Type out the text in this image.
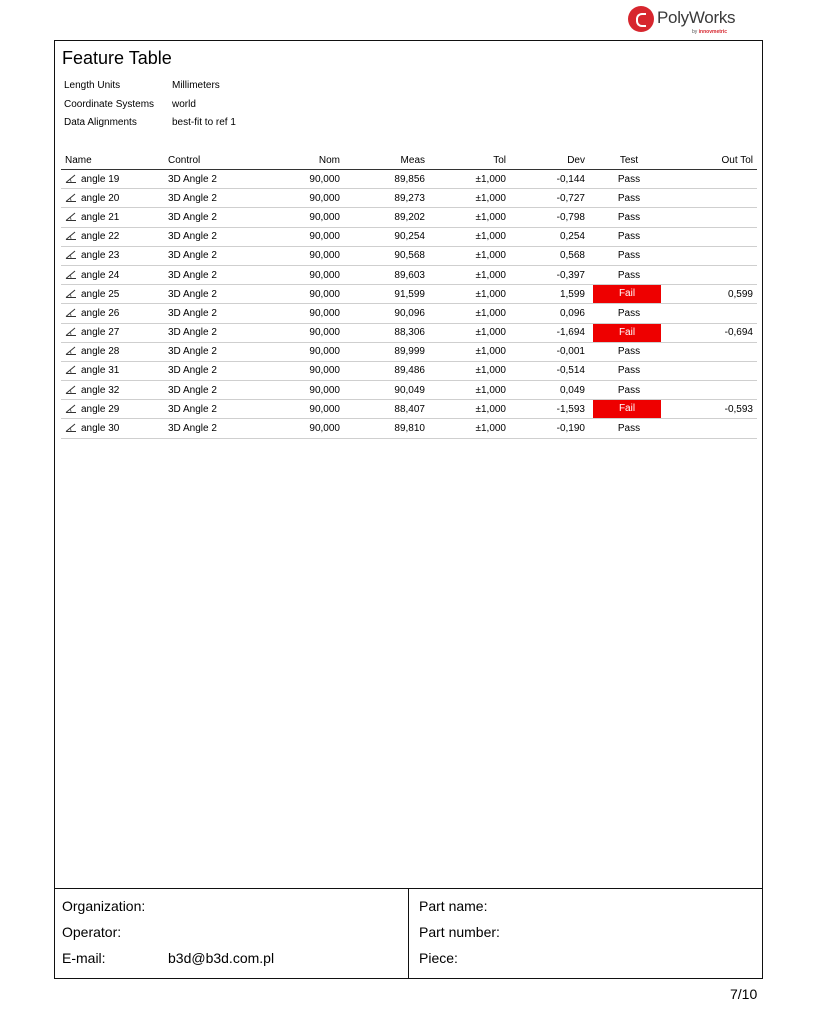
PolyWorks
by innovmetric
Feature Table
Length Units	Millimeters
Coordinate Systems	world
Data Alignments	best-fit to ref 1
Name	Control	Nom	Meas	Tol	Dev	Test	Out Tol
angle 19	3D Angle 2	90,000	89,856	±1,000	-0,144	Pass	
angle 20	3D Angle 2	90,000	89,273	±1,000	-0,727	Pass	
angle 21	3D Angle 2	90,000	89,202	±1,000	-0,798	Pass	
angle 22	3D Angle 2	90,000	90,254	±1,000	0,254	Pass	
angle 23	3D Angle 2	90,000	90,568	±1,000	0,568	Pass	
angle 24	3D Angle 2	90,000	89,603	±1,000	-0,397	Pass	
angle 25	3D Angle 2	90,000	91,599	±1,000	1,599	Fail	0,599
angle 26	3D Angle 2	90,000	90,096	±1,000	0,096	Pass	
angle 27	3D Angle 2	90,000	88,306	±1,000	-1,694	Fail	-0,694
angle 28	3D Angle 2	90,000	89,999	±1,000	-0,001	Pass	
angle 31	3D Angle 2	90,000	89,486	±1,000	-0,514	Pass	
angle 32	3D Angle 2	90,000	90,049	±1,000	0,049	Pass	
angle 29	3D Angle 2	90,000	88,407	±1,000	-1,593	Fail	-0,593
angle 30	3D Angle 2	90,000	89,810	±1,000	-0,190	Pass	
Organization:
Operator:
E-mail:	b3d@b3d.com.pl
Part name:
Part number:
Piece:
7/10
